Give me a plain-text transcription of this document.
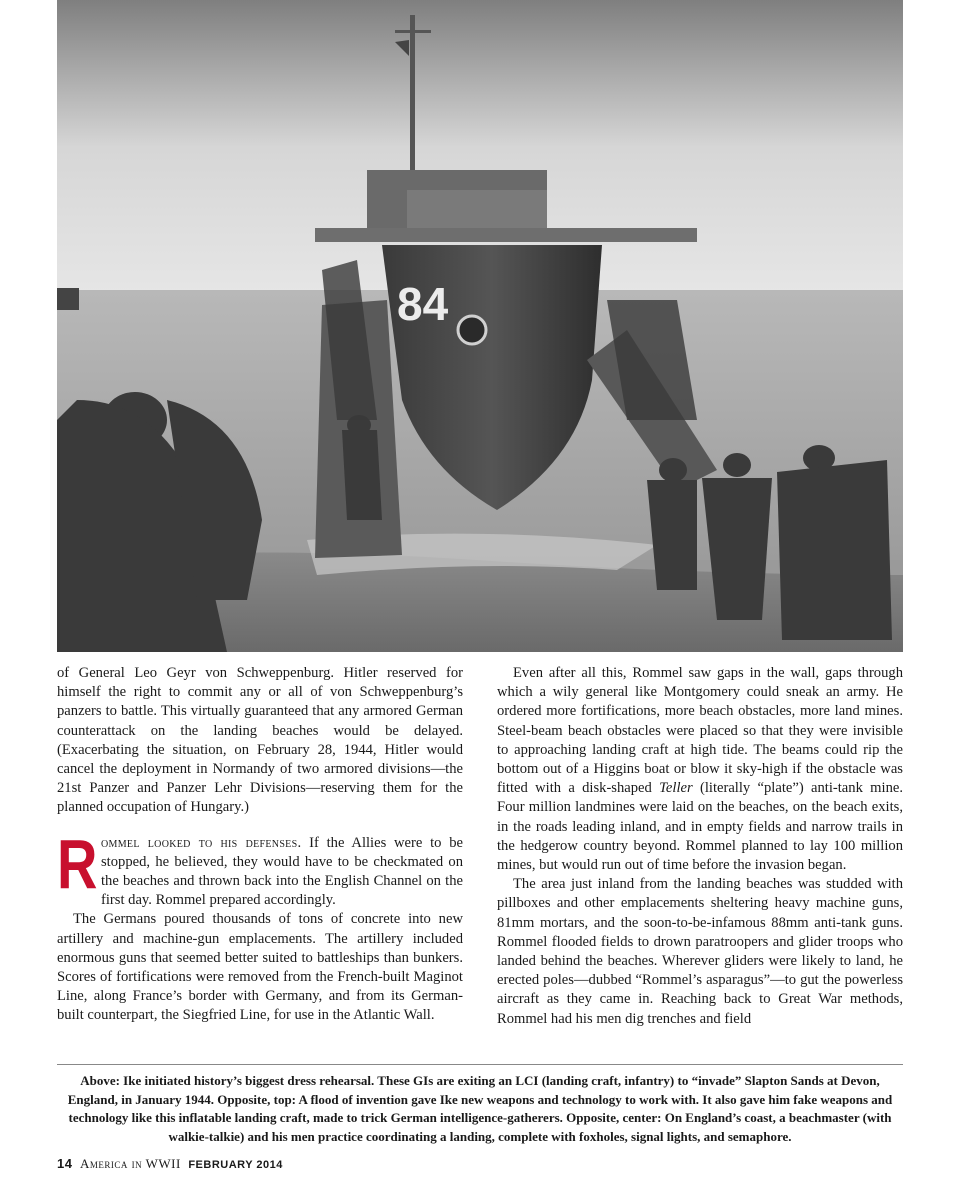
84

of General Leo Geyr von Schweppenburg. Hitler reserved for himself the right to commit any or all of von Schweppenburg’s panzers to battle. This virtually guaranteed that any armored German counterattack on the landing beaches would be delayed. (Exacerbating the situation, on February 28, 1944, Hitler would cancel the deployment in Normandy of two armored divisions—the 21st Panzer and Panzer Lehr Divisions—reserving them for the planned occupation of Hungary.)

Rommel looked to his defenses. If the Allies were to be stopped, he believed, they would have to be checkmated on the beaches and thrown back into the English Channel on the first day. Rommel prepared accordingly.

The Germans poured thousands of tons of concrete into new artillery and machine-gun emplacements. The artillery included enormous guns that seemed better suited to battleships than bunkers. Scores of fortifications were removed from the French-built Maginot Line, along France’s border with Germany, and from its German-built counterpart, the Siegfried Line, for use in the Atlantic Wall.

Even after all this, Rommel saw gaps in the wall, gaps through which a wily general like Montgomery could sneak an army. He ordered more fortifications, more beach obstacles, more land mines. Steel-beam beach obstacles were placed so that they were invisible to approaching landing craft at high tide. The beams could rip the bottom out of a Higgins boat or blow it sky-high if the obstacle was fitted with a disk-shaped Teller (literally “plate”) anti-tank mine. Four million landmines were laid on the beaches, on the beach exits, in the roads leading inland, and in empty fields and narrow trails in the hedgerow country beyond. Rommel planned to lay 100 million mines, but would run out of time before the invasion began.

The area just inland from the landing beaches was studded with pillboxes and other emplacements sheltering heavy machine guns, 81mm mortars, and the soon-to-be-infamous 88mm anti-tank guns. Rommel flooded fields to drown paratroopers and glider troops who landed behind the beaches. Wherever gliders were likely to land, he erected poles—dubbed “Rommel’s asparagus”—to gut the powerless aircraft as they came in. Reaching back to Great War methods, Rommel had his men dig trenches and field

Above: Ike initiated history’s biggest dress rehearsal. These GIs are exiting an LCI (landing craft, infantry) to “invade” Slapton Sands at Devon, England, in January 1944. Opposite, top: A flood of invention gave Ike new weapons and technology to work with. It also gave him fake weapons and technology like this inflatable landing craft, made to trick German intelligence-gatherers. Opposite, center: On England’s coast, a beachmaster (with walkie-talkie) and his men practice coordinating a landing, complete with foxholes, signal lights, and semaphore.
14 America in WWII FEBRUARY 2014
